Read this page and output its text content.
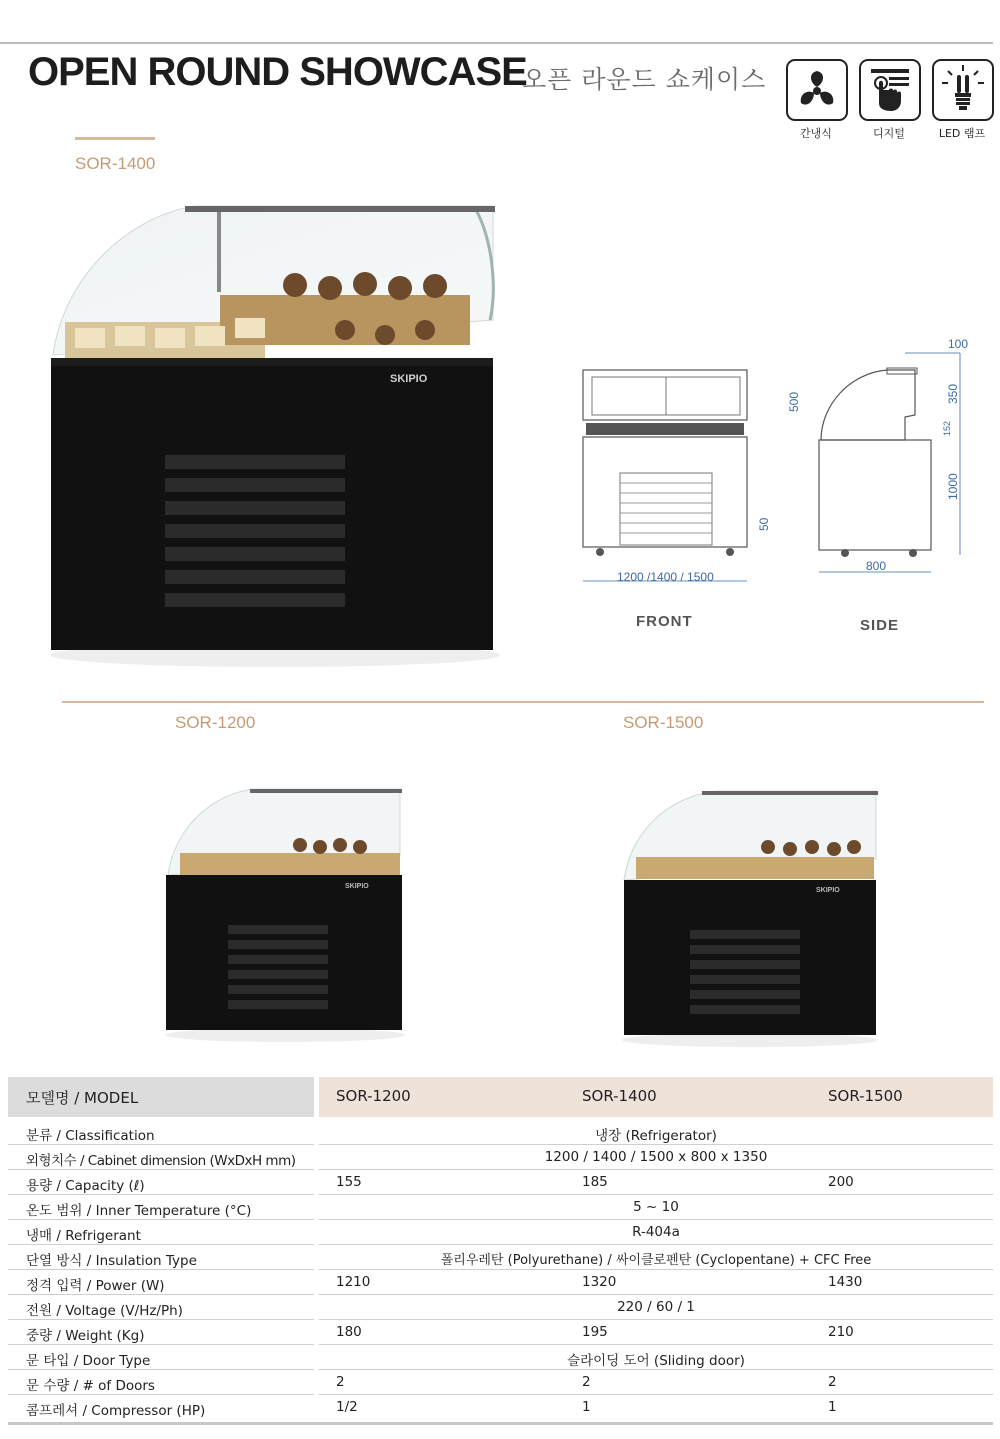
OPEN ROUND SHOWCASE
오픈 라운드 쇼케이스
간냉식	디지털	LED 램프
SOR-1400
SKIPIO
1200 /1400 / 1500
500
50
FRONT
100
350
152
1000
800
SIDE
SOR-1200	SOR-1500
SKIPIO
SKIPIO
모델명 / MODEL	SOR-1200	SOR-1400	SOR-1500
분류 / Classification	냉장 (Refrigerator)
외형치수 / Cabinet dimension (WxDxH mm)	1200 / 1400 / 1500 x 800 x 1350
용량 / Capacity (ℓ)	155	185	200
온도 범위 / Inner Temperature (°C)	5 ~ 10
냉매 / Refrigerant	R-404a
단열 방식 / Insulation Type	폴리우레탄 (Polyurethane) / 싸이클로펜탄 (Cyclopentane) + CFC Free
정격 입력 / Power (W)	1210	1320	1430
전원 / Voltage (V/Hz/Ph)	220 / 60 / 1
중량 / Weight (Kg)	180	195	210
문 타입 / Door Type	슬라이딩 도어 (Sliding door)
문 수량 / # of Doors	2	2	2
콤프레셔 / Compressor (HP)	1/2	1	1
